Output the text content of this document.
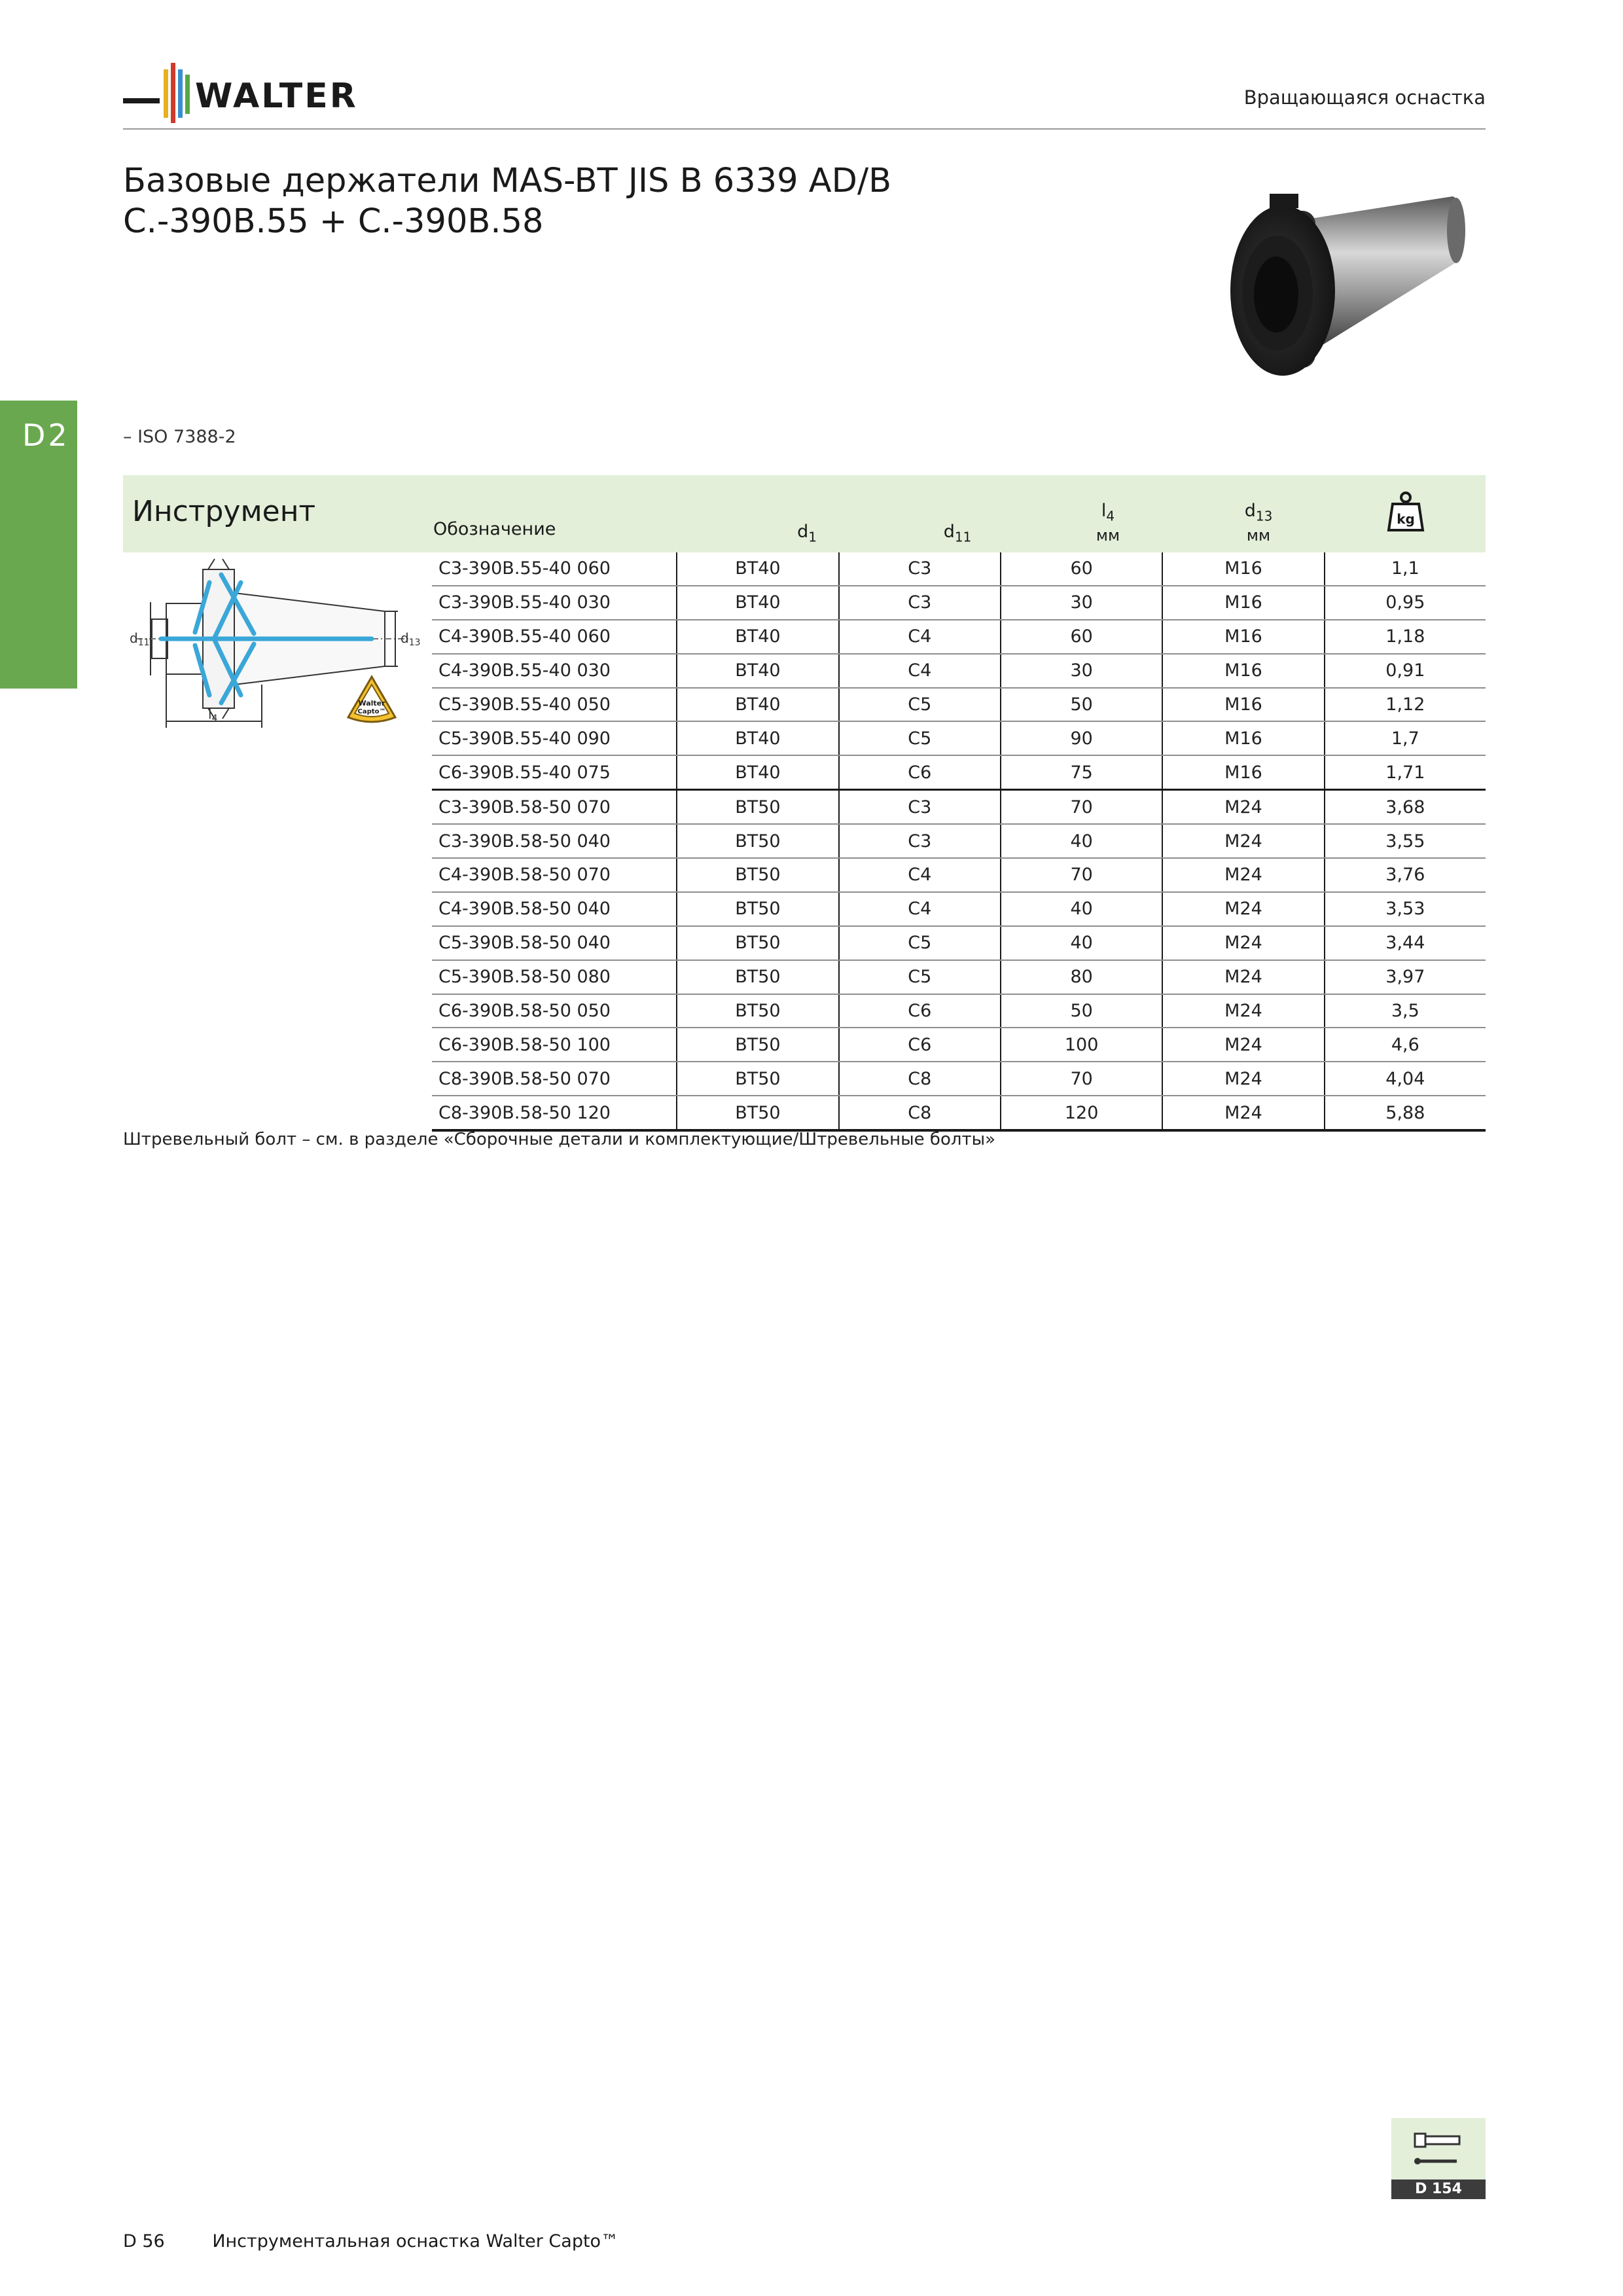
WALTER	Вращающаяся оснастка
Базовые держатели MAS-BT JIS B 6339 AD/B
C.-390B.55 + C.-390B.58
D2	– ISO 7388-2
Инструмент
Обозначение	$d_1$	$d_{11}$
$l_4$
мм
$d_{13}$
мм
kg
$d_{11}$	$d_{13}$
$l_4$
Walter
Capto™
C3-390B.55-40 060	BT40	C3	60	M16	1,1
C3-390B.55-40 030	BT40	C3	30	M16	0,95
C4-390B.55-40 060	BT40	C4	60	M16	1,18
C4-390B.55-40 030	BT40	C4	30	M16	0,91
C5-390B.55-40 050	BT40	C5	50	M16	1,12
C5-390B.55-40 090	BT40	C5	90	M16	1,7
C6-390B.55-40 075	BT40	C6	75	M16	1,71
C3-390B.58-50 070	BT50	C3	70	M24	3,68
C3-390B.58-50 040	BT50	C3	40	M24	3,55
C4-390B.58-50 070	BT50	C4	70	M24	3,76
C4-390B.58-50 040	BT50	C4	40	M24	3,53
C5-390B.58-50 040	BT50	C5	40	M24	3,44
C5-390B.58-50 080	BT50	C5	80	M24	3,97
C6-390B.58-50 050	BT50	C6	50	M24	3,5
C6-390B.58-50 100	BT50	C6	100	M24	4,6
C8-390B.58-50 070	BT50	C8	70	M24	4,04
C8-390B.58-50 120	BT50	C8	120	M24	5,88
Штревельный болт – см. в разделе «Сборочные детали и комплектующие/Штревельные болты»
D 154
D 56	Инструментальная оснастка Walter Capto™
